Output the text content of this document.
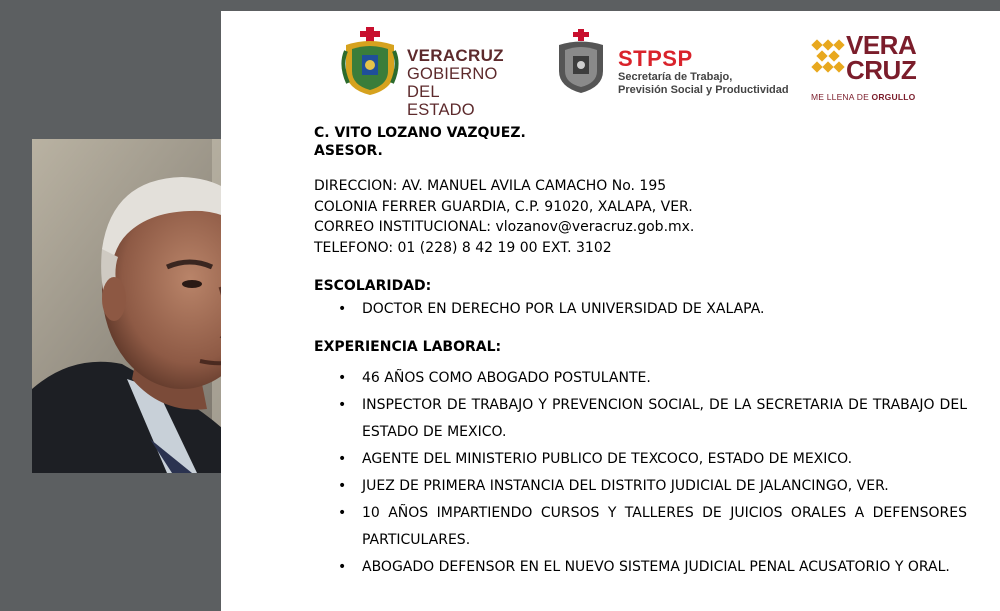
VERACRUZ
GOBIERNO
DEL ESTADO
STPSP
Secretaría de Trabajo,
Previsión Social y Productividad
VERA
CRUZ
ME LLENA DE ORGULLO
C. VITO LOZANO VAZQUEZ.
ASESOR.
DIRECCION: AV. MANUEL AVILA CAMACHO No. 195
COLONIA FERRER GUARDIA, C.P. 91020, XALAPA, VER.
CORREO INSTITUCIONAL: vlozanov@veracruz.gob.mx.
TELEFONO: 01 (228) 8 42 19 00 EXT. 3102
ESCOLARIDAD:
• DOCTOR EN DERECHO POR LA UNIVERSIDAD DE XALAPA.
EXPERIENCIA LABORAL:
• 46 AÑOS COMO ABOGADO POSTULANTE.
• INSPECTOR DE TRABAJO Y PREVENCION SOCIAL, DE LA SECRETARIA DE TRABAJO DEL ESTADO DE MEXICO.
• AGENTE DEL MINISTERIO PUBLICO DE TEXCOCO, ESTADO DE MEXICO.
• JUEZ DE PRIMERA INSTANCIA DEL DISTRITO JUDICIAL DE JALANCINGO, VER.
• 10 AÑOS IMPARTIENDO CURSOS Y TALLERES DE JUICIOS ORALES A DEFENSORES PARTICULARES.
• ABOGADO DEFENSOR EN EL NUEVO SISTEMA JUDICIAL PENAL ACUSATORIO Y ORAL.
